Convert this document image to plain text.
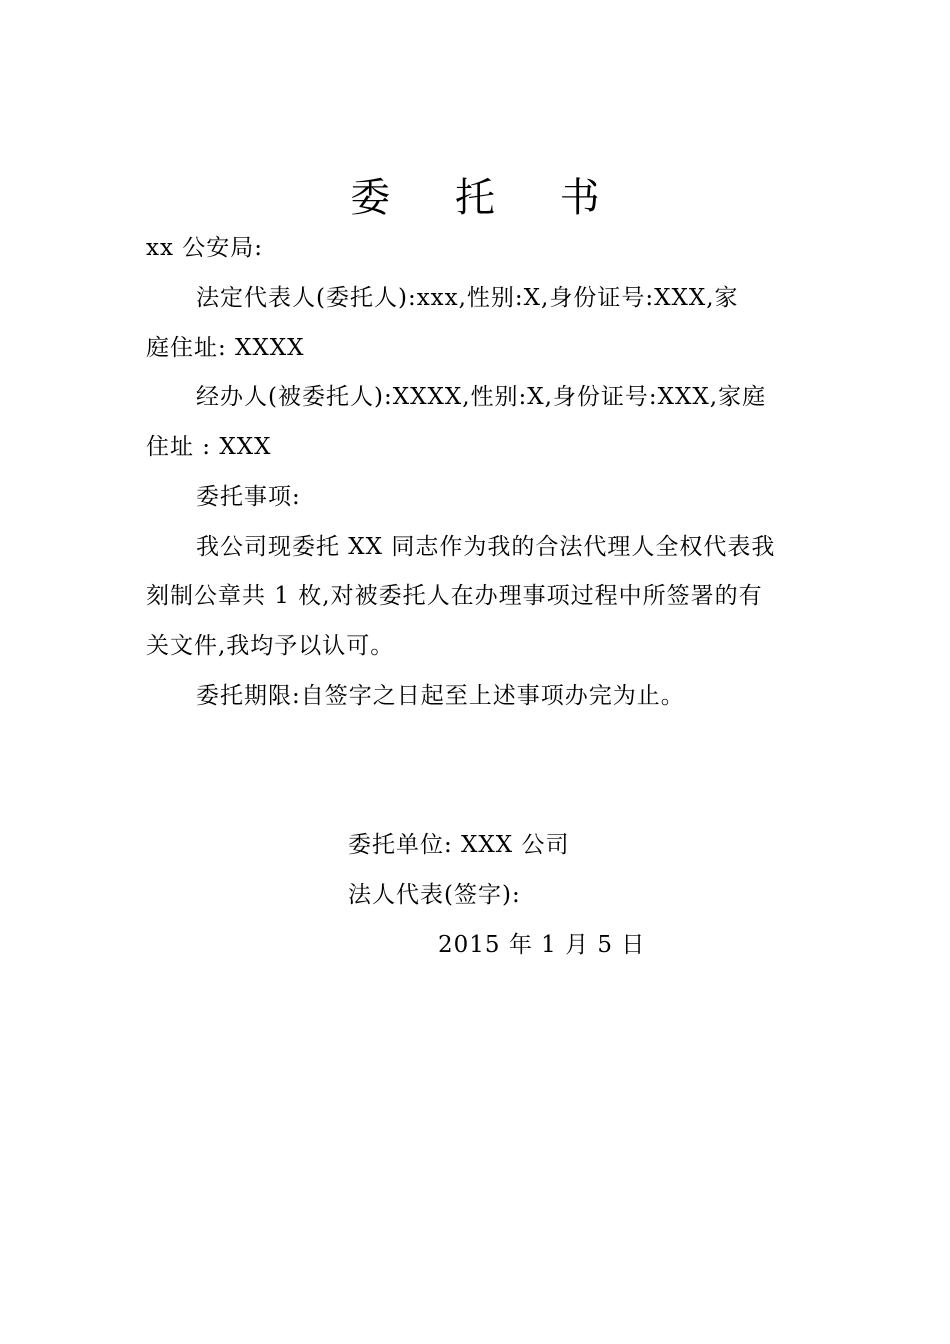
委 托 书
xx 公安局:
法定代表人(委托人):xxx,性别:X,身份证号:XXX,家
庭住址: XXXX
经办人(被委托人):XXXX,性别:X,身份证号:XXX,家庭
住址 : XXX
委托事项:
我公司现委托 XX 同志作为我的合法代理人全权代表我
刻制公章共 1 枚,对被委托人在办理事项过程中所签署的有
关文件,我均予以认可。
委托期限:自签字之日起至上述事项办完为止。
委托单位: XXX 公司
法人代表(签字):
2015 年 1 月 5 日
